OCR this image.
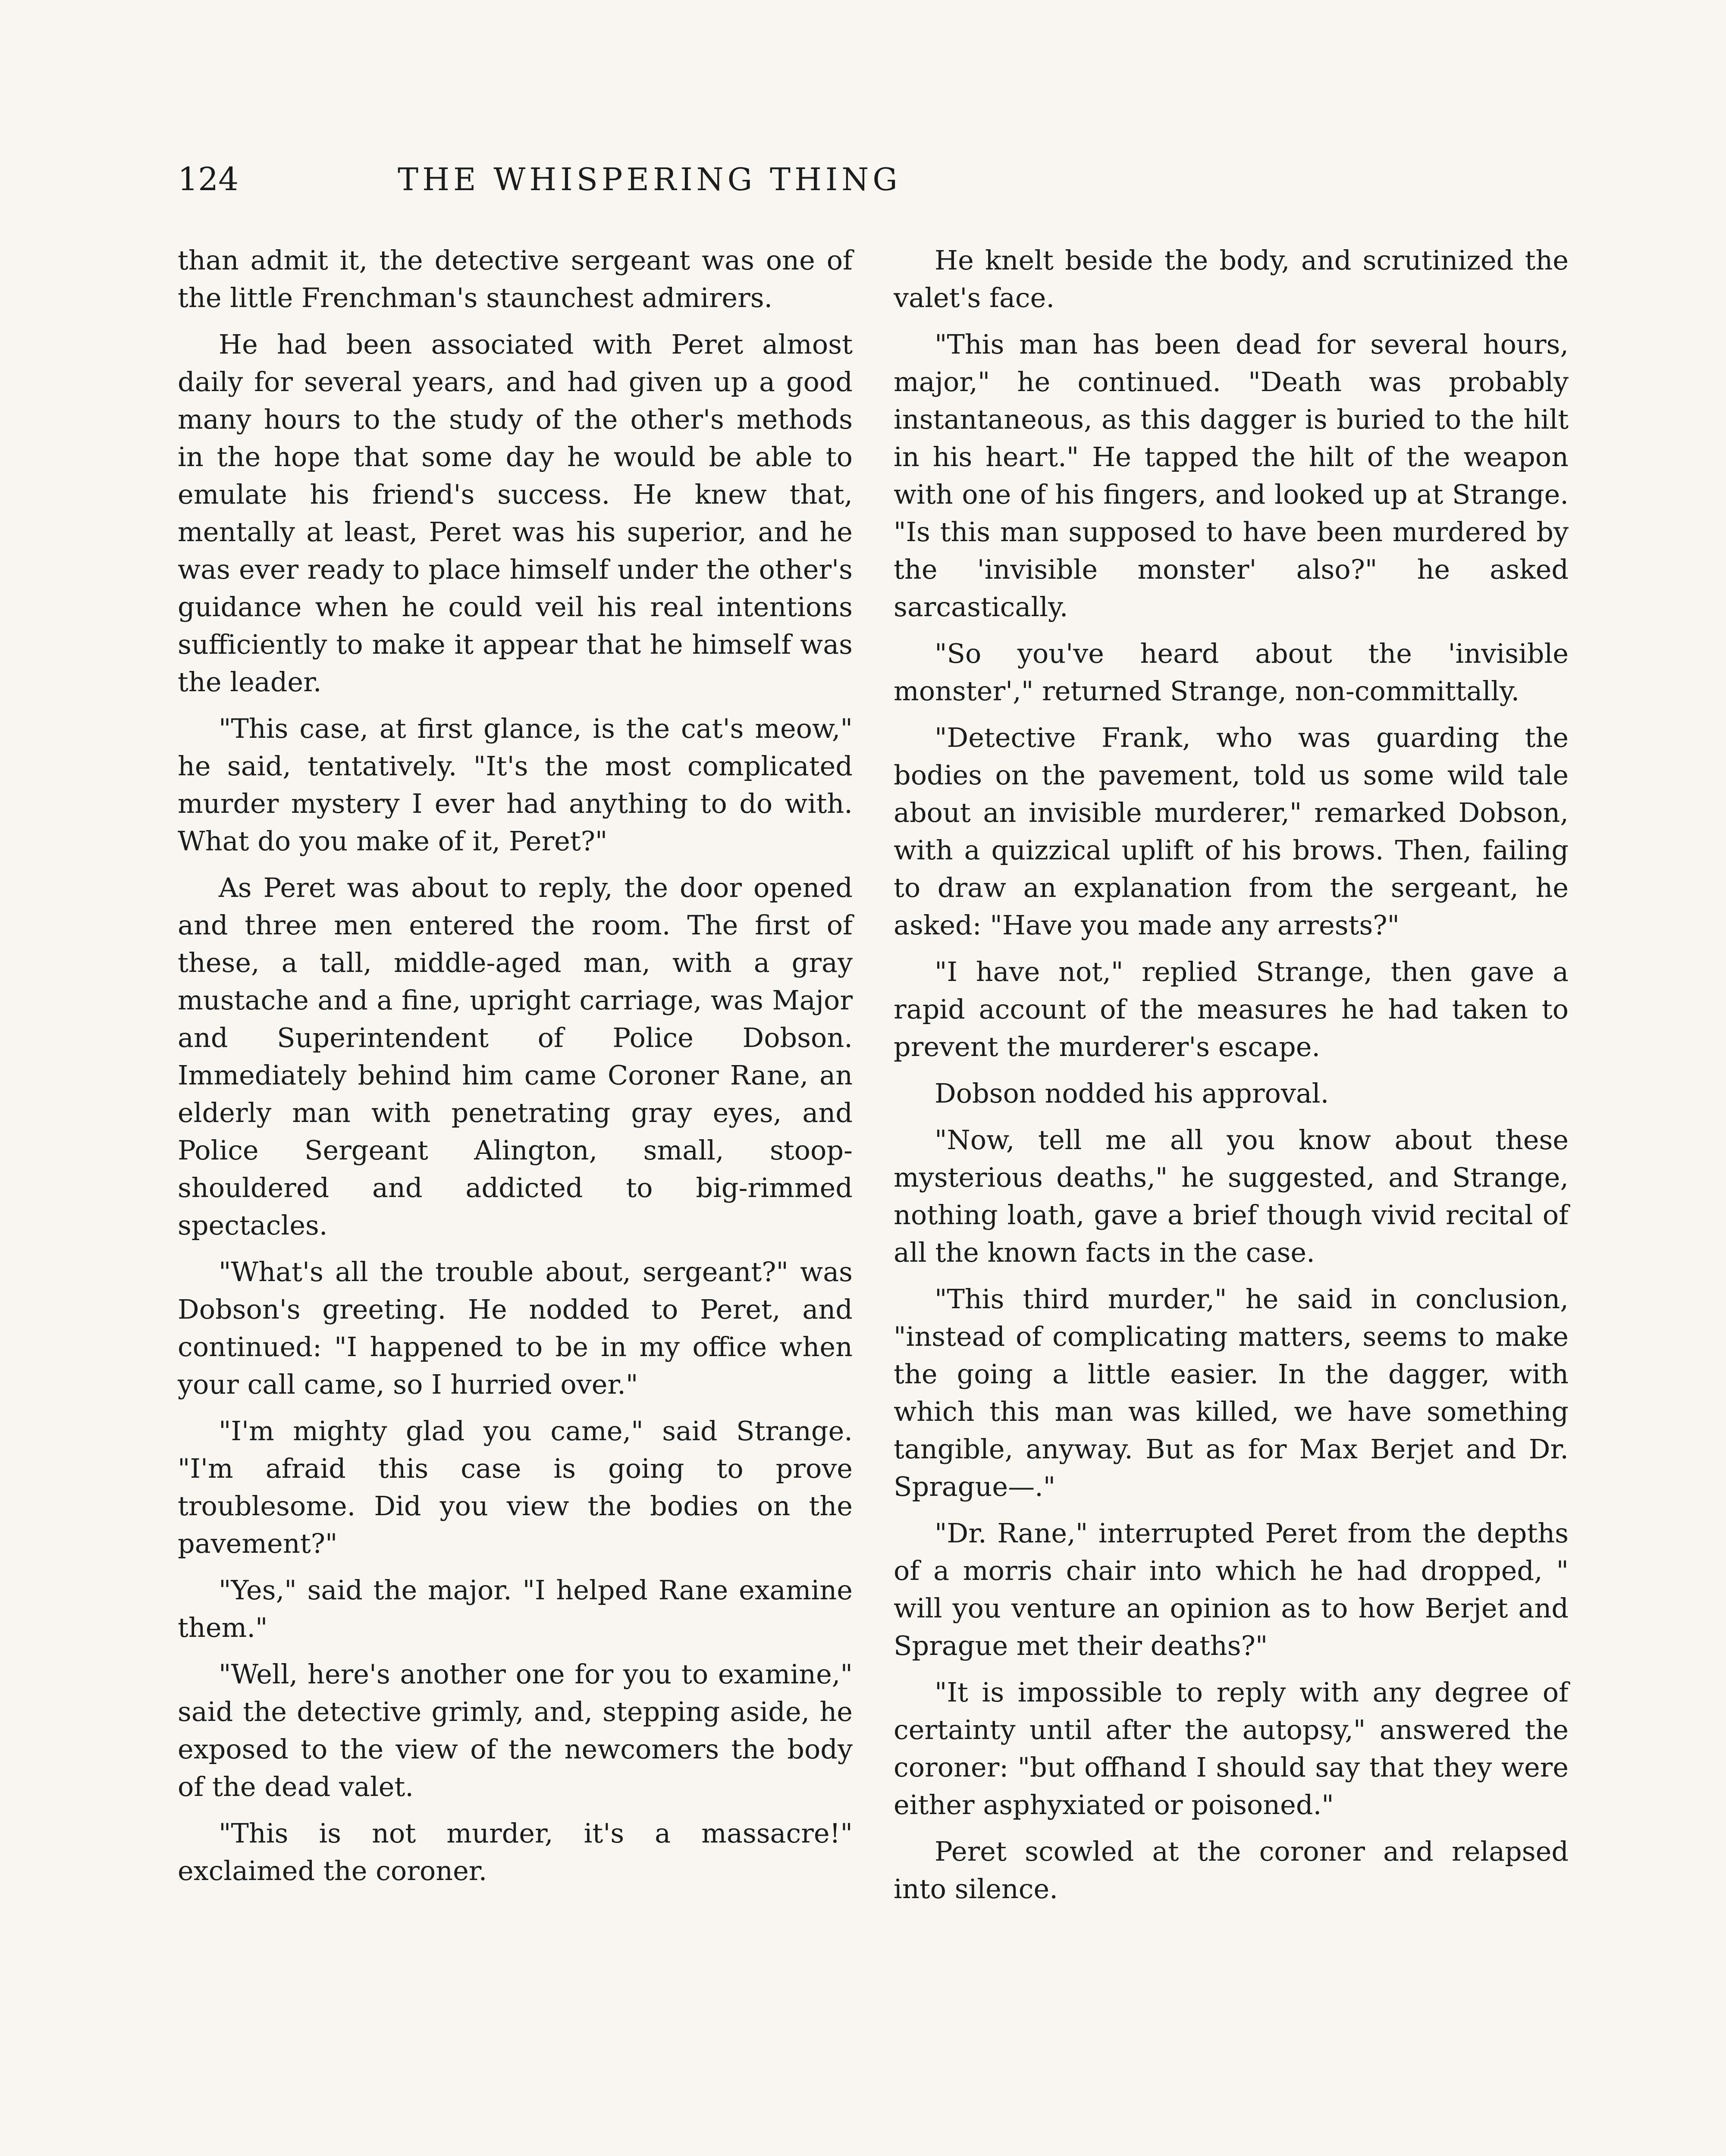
124	THE WHISPERING THING

than admit it, the detective sergeant was one of the little Frenchman's staunchest admirers.

He had been associated with Peret almost daily for several years, and had given up a good many hours to the study of the other's methods in the hope that some day he would be able to emulate his friend's success. He knew that, mentally at least, Peret was his superior, and he was ever ready to place himself under the other's guidance when he could veil his real intentions sufficiently to make it appear that he himself was the leader.

"This case, at first glance, is the cat's meow," he said, tentatively. "It's the most complicated murder mystery I ever had anything to do with. What do you make of it, Peret?"

As Peret was about to reply, the door opened and three men entered the room. The first of these, a tall, middle-aged man, with a gray mustache and a fine, upright carriage, was Major and Superintendent of Police Dobson. Immediately behind him came Coroner Rane, an elderly man with penetrating gray eyes, and Police Sergeant Alington, small, stoop-shouldered and addicted to big-rimmed spectacles.

"What's all the trouble about, sergeant?" was Dobson's greeting. He nodded to Peret, and continued: "I happened to be in my office when your call came, so I hurried over."

"I'm mighty glad you came," said Strange. "I'm afraid this case is going to prove troublesome. Did you view the bodies on the pavement?"

"Yes," said the major. "I helped Rane examine them."

"Well, here's another one for you to examine," said the detective grimly, and, stepping aside, he exposed to the view of the newcomers the body of the dead valet.

"This is not murder, it's a massacre!" exclaimed the coroner.

He knelt beside the body, and scrutinized the valet's face.

"This man has been dead for several hours, major," he continued. "Death was probably instantaneous, as this dagger is buried to the hilt in his heart." He tapped the hilt of the weapon with one of his fingers, and looked up at Strange. "Is this man supposed to have been murdered by the 'invisible monster' also?" he asked sarcastically.

"So you've heard about the 'invisible monster'," returned Strange, non-committally.

"Detective Frank, who was guarding the bodies on the pavement, told us some wild tale about an invisible murderer," remarked Dobson, with a quizzical uplift of his brows. Then, failing to draw an explanation from the sergeant, he asked: "Have you made any arrests?"

"I have not," replied Strange, then gave a rapid account of the measures he had taken to prevent the murderer's escape.

Dobson nodded his approval.

"Now, tell me all you know about these mysterious deaths," he suggested, and Strange, nothing loath, gave a brief though vivid recital of all the known facts in the case.

"This third murder," he said in conclusion, "instead of complicating matters, seems to make the going a little easier. In the dagger, with which this man was killed, we have something tangible, anyway. But as for Max Berjet and Dr. Sprague—."

"Dr. Rane," interrupted Peret from the depths of a morris chair into which he had dropped, " will you venture an opinion as to how Berjet and Sprague met their deaths?"

"It is impossible to reply with any degree of certainty until after the autopsy," answered the coroner: "but offhand I should say that they were either asphyxiated or poisoned."

Peret scowled at the coroner and relapsed into silence.
